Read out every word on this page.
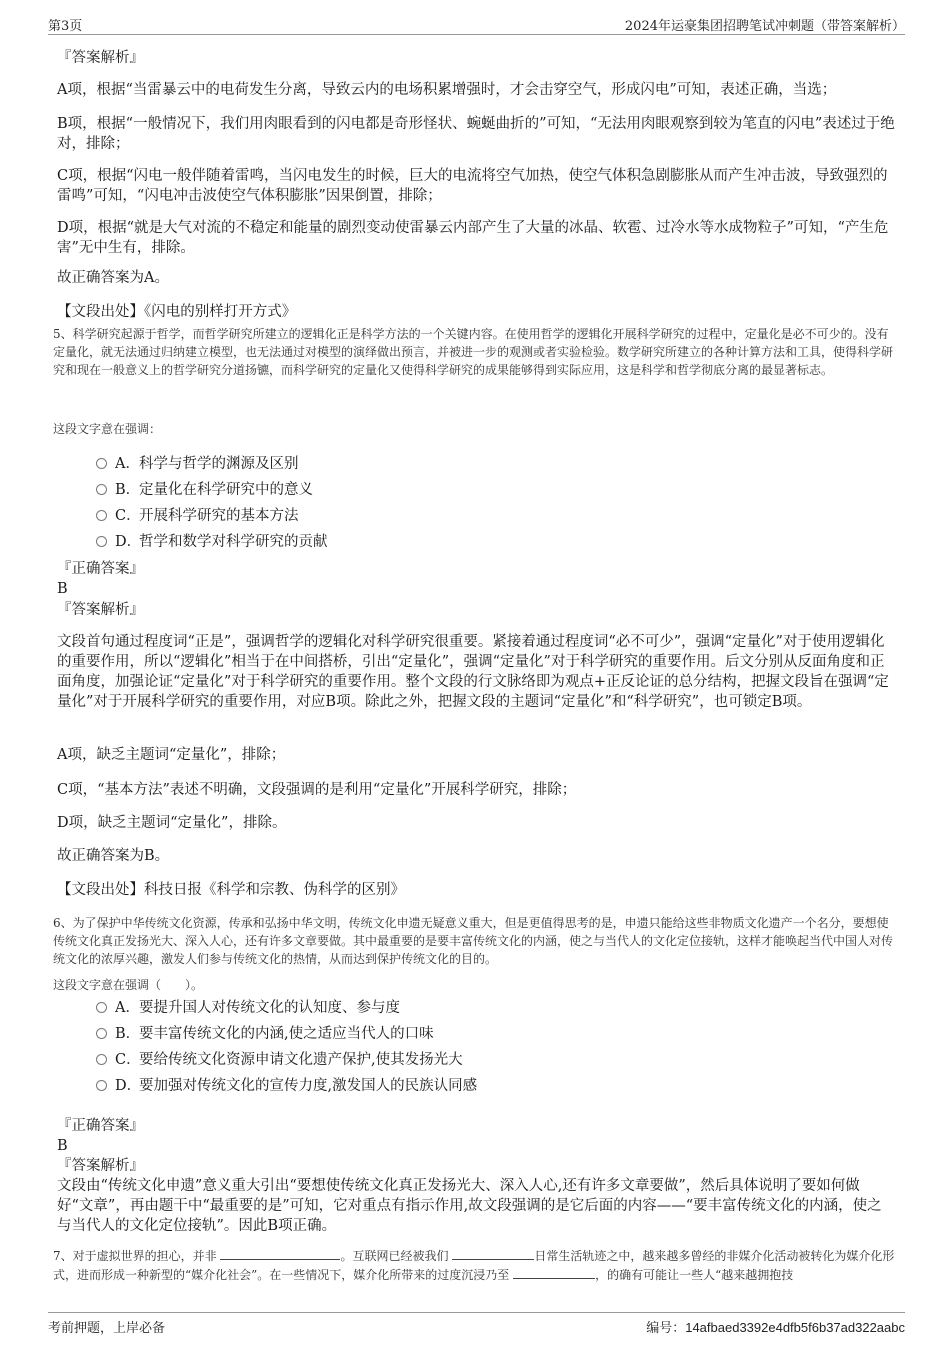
第3页	2024年运豪集团招聘笔试冲刺题（带答案解析）

『答案解析』

A项，根据“当雷暴云中的电荷发生分离，导致云内的电场积累增强时，才会击穿空气，形成闪电”可知，表述正确，当选；

B项，根据“一般情况下，我们用肉眼看到的闪电都是奇形怪状、蜿蜒曲折的”可知，“无法用肉眼观察到较为笔直的闪电”表述过于绝对，排除；

C项，根据“闪电一般伴随着雷鸣，当闪电发生的时候，巨大的电流将空气加热，使空气体积急剧膨胀从而产生冲击波，导致强烈的雷鸣”可知，“闪电冲击波使空气体积膨胀”因果倒置，排除；

D项，根据“就是大气对流的不稳定和能量的剧烈变动使雷暴云内部产生了大量的冰晶、软雹、过冷水等水成物粒子”可知，“产生危害”无中生有，排除。

故正确答案为A。

【文段出处】《闪电的别样打开方式》

5、科学研究起源于哲学，而哲学研究所建立的逻辑化正是科学方法的一个关键内容。在使用哲学的逻辑化开展科学研究的过程中，定量化是必不可少的。没有定量化，就无法通过归纳建立模型，也无法通过对模型的演绎做出预言，并被进一步的观测或者实验检验。数学研究所建立的各种计算方法和工具，使得科学研究和现在一般意义上的哲学研究分道扬镳，而科学研究的定量化又使得科学研究的成果能够得到实际应用，这是科学和哲学彻底分离的最显著标志。

这段文字意在强调：

A．科学与哲学的渊源及区别
B．定量化在科学研究中的意义
C．开展科学研究的基本方法
D．哲学和数学对科学研究的贡献

『正确答案』

B

『答案解析』

文段首句通过程度词“正是”，强调哲学的逻辑化对科学研究很重要。紧接着通过程度词“必不可少”，强调“定量化”对于使用逻辑化的重要作用，所以“逻辑化”相当于在中间搭桥，引出“定量化”，强调“定量化”对于科学研究的重要作用。后文分别从反面角度和正面角度，加强论证“定量化”对于科学研究的重要作用。整个文段的行文脉络即为观点+正反论证的总分结构，把握文段旨在强调“定量化”对于开展科学研究的重要作用，对应B项。除此之外，把握文段的主题词“定量化”和“科学研究”，也可锁定B项。

A项，缺乏主题词“定量化”，排除；

C项，“基本方法”表述不明确，文段强调的是利用“定量化”开展科学研究，排除；

D项，缺乏主题词“定量化”，排除。

故正确答案为B。

【文段出处】科技日报《科学和宗教、伪科学的区别》

6、为了保护中华传统文化资源，传承和弘扬中华文明，传统文化申遗无疑意义重大，但是更值得思考的是，申遗只能给这些非物质文化遗产一个名分，要想使传统文化真正发扬光大、深入人心，还有许多文章要做。其中最重要的是要丰富传统文化的内涵，使之与当代人的文化定位接轨，这样才能唤起当代中国人对传统文化的浓厚兴趣，激发人们参与传统文化的热情，从而达到保护传统文化的目的。

这段文字意在强调（　　）。

A．要提升国人对传统文化的认知度、参与度
B．要丰富传统文化的内涵,使之适应当代人的口味
C．要给传统文化资源申请文化遗产保护,使其发扬光大
D．要加强对传统文化的宣传力度,激发国人的民族认同感

『正确答案』

B

『答案解析』

文段由“传统文化申遗”意义重大引出“要想使传统文化真正发扬光大、深入人心,还有许多文章要做”，然后具体说明了要如何做好“文章”，再由题干中“最重要的是”可知，它对重点有指示作用,故文段强调的是它后面的内容——“要丰富传统文化的内涵，使之与当代人的文化定位接轨”。因此B项正确。

7、对于虚拟世界的担心，并非	。互联网已经被我们	日常生活轨迹之中，越来越多曾经的非媒介化活动被转化为媒介化形式，进而形成一种新型的“媒介化社会”。在一些情况下，媒介化所带来的过度沉浸乃至	，的确有可能让一些人“越来越拥抱技

考前押题，上岸必备	编号：14afbaed3392e4dfb5f6b37ad322aabc
